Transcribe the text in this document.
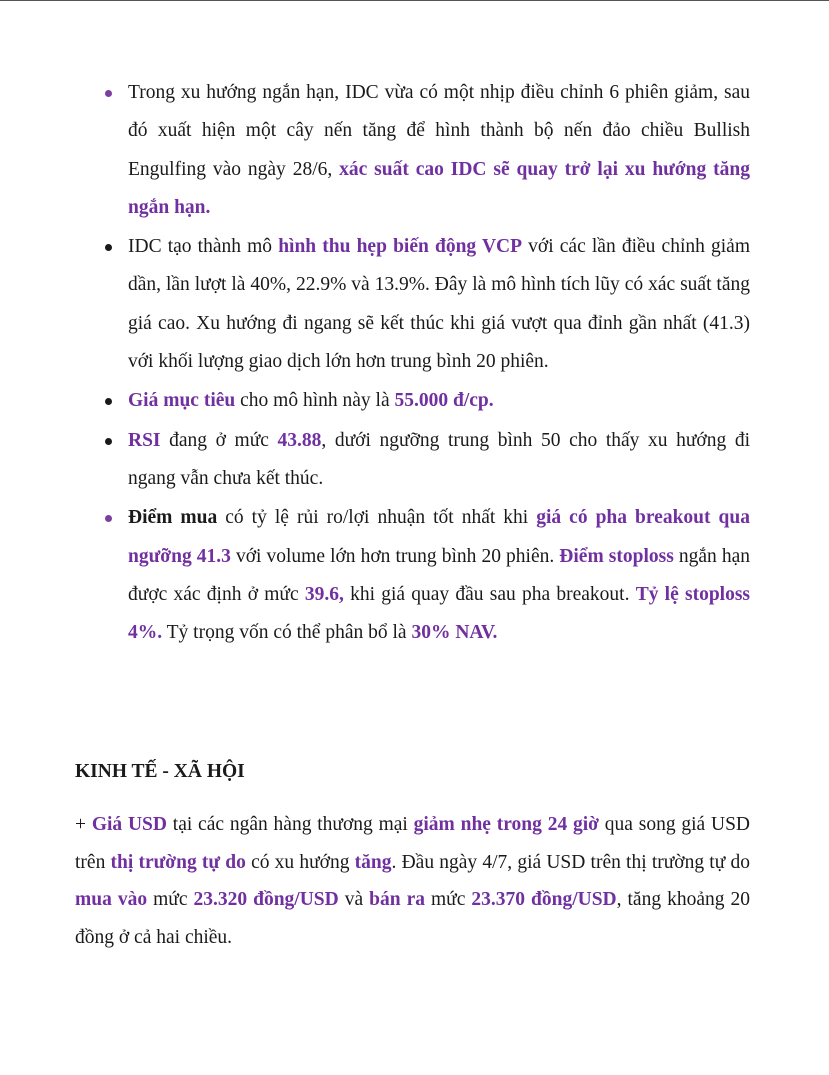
Trong xu hướng ngắn hạn, IDC vừa có một nhịp điều chỉnh 6 phiên giảm, sau đó xuất hiện một cây nến tăng để hình thành bộ nến đảo chiều Bullish Engulfing vào ngày 28/6, xác suất cao IDC sẽ quay trở lại xu hướng tăng ngắn hạn.
IDC tạo thành mô hình thu hẹp biến động VCP với các lần điều chỉnh giảm dần, lần lượt là 40%, 22.9% và 13.9%. Đây là mô hình tích lũy có xác suất tăng giá cao. Xu hướng đi ngang sẽ kết thúc khi giá vượt qua đỉnh gần nhất (41.3) với khối lượng giao dịch lớn hơn trung bình 20 phiên.
Giá mục tiêu cho mô hình này là 55.000 đ/cp.
RSI đang ở mức 43.88, dưới ngưỡng trung bình 50 cho thấy xu hướng đi ngang vẫn chưa kết thúc.
Điểm mua có tỷ lệ rủi ro/lợi nhuận tốt nhất khi giá có pha breakout qua ngưỡng 41.3 với volume lớn hơn trung bình 20 phiên. Điểm stoploss ngắn hạn được xác định ở mức 39.6, khi giá quay đầu sau pha breakout. Tỷ lệ stoploss 4%. Tỷ trọng vốn có thể phân bổ là 30% NAV.
KINH TẾ - XÃ HỘI

+ Giá USD tại các ngân hàng thương mại giảm nhẹ trong 24 giờ qua song giá USD trên thị trường tự do có xu hướng tăng. Đầu ngày 4/7, giá USD trên thị trường tự do mua vào mức 23.320 đồng/USD và bán ra mức 23.370 đồng/USD, tăng khoảng 20 đồng ở cả hai chiều.
